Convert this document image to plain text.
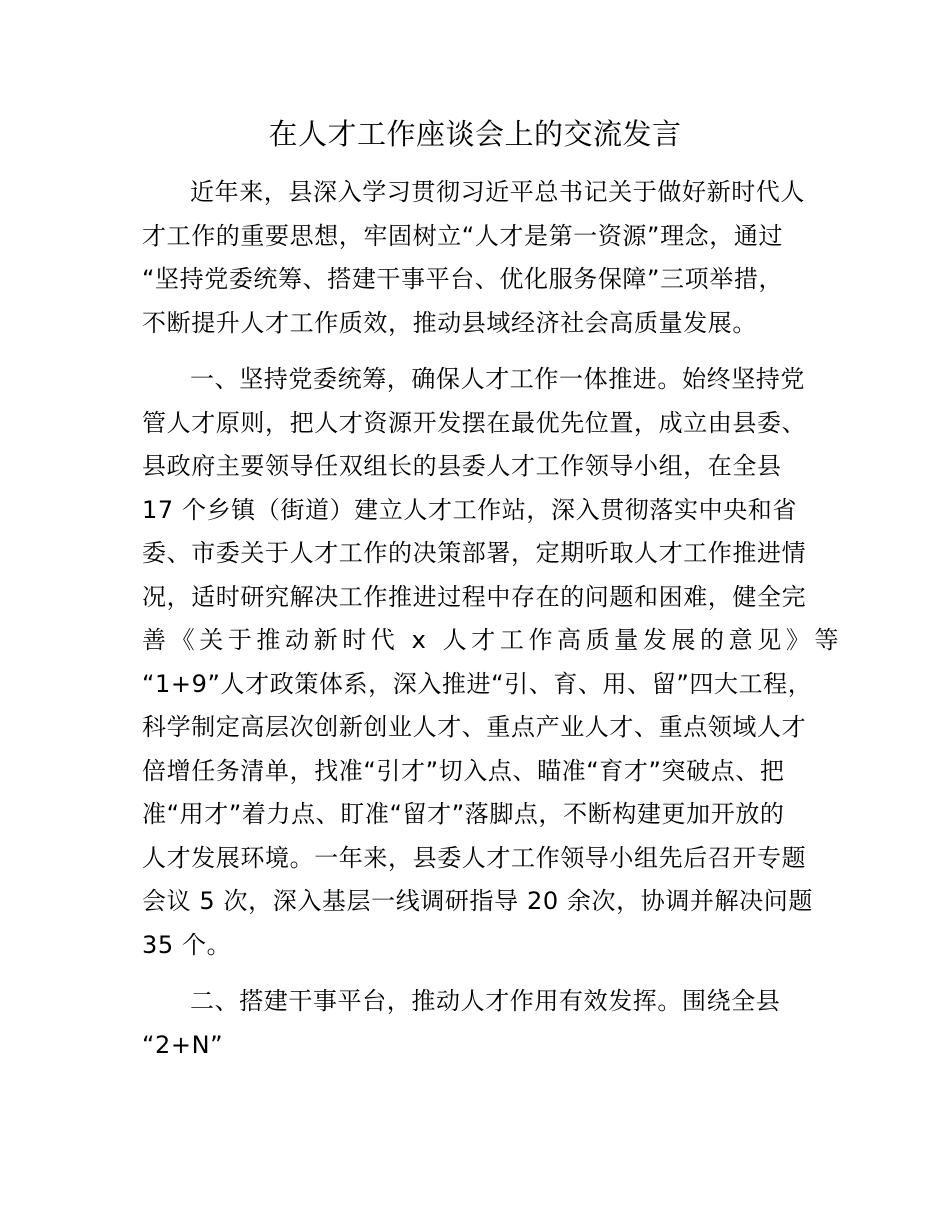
在人才工作座谈会上的交流发言
近年来，县深入学习贯彻习近平总书记关于做好新时代人
才工作的重要思想，牢固树立“人才是第一资源”理念，通过
“坚持党委统筹、搭建干事平台、优化服务保障”三项举措，
不断提升人才工作质效，推动县域经济社会高质量发展。
一、坚持党委统筹，确保人才工作一体推进。始终坚持党
管人才原则，把人才资源开发摆在最优先位置，成立由县委、
县政府主要领导任双组长的县委人才工作领导小组，在全县
17 个乡镇（街道）建立人才工作站，深入贯彻落实中央和省
委、市委关于人才工作的决策部署，定期听取人才工作推进情
况，适时研究解决工作推进过程中存在的问题和困难，健全完
善《关于推动新时代 x 人才工作高质量发展的意见》等
“1+9”人才政策体系，深入推进“引、育、用、留”四大工程，
科学制定高层次创新创业人才、重点产业人才、重点领域人才
倍增任务清单，找准“引才”切入点、瞄准“育才”突破点、把
准“用才”着力点、盯准“留才”落脚点，不断构建更加开放的
人才发展环境。一年来，县委人才工作领导小组先后召开专题
会议 5 次，深入基层一线调研指导 20 余次，协调并解决问题
35 个。
二、搭建干事平台，推动人才作用有效发挥。围绕全县
“2+N”
